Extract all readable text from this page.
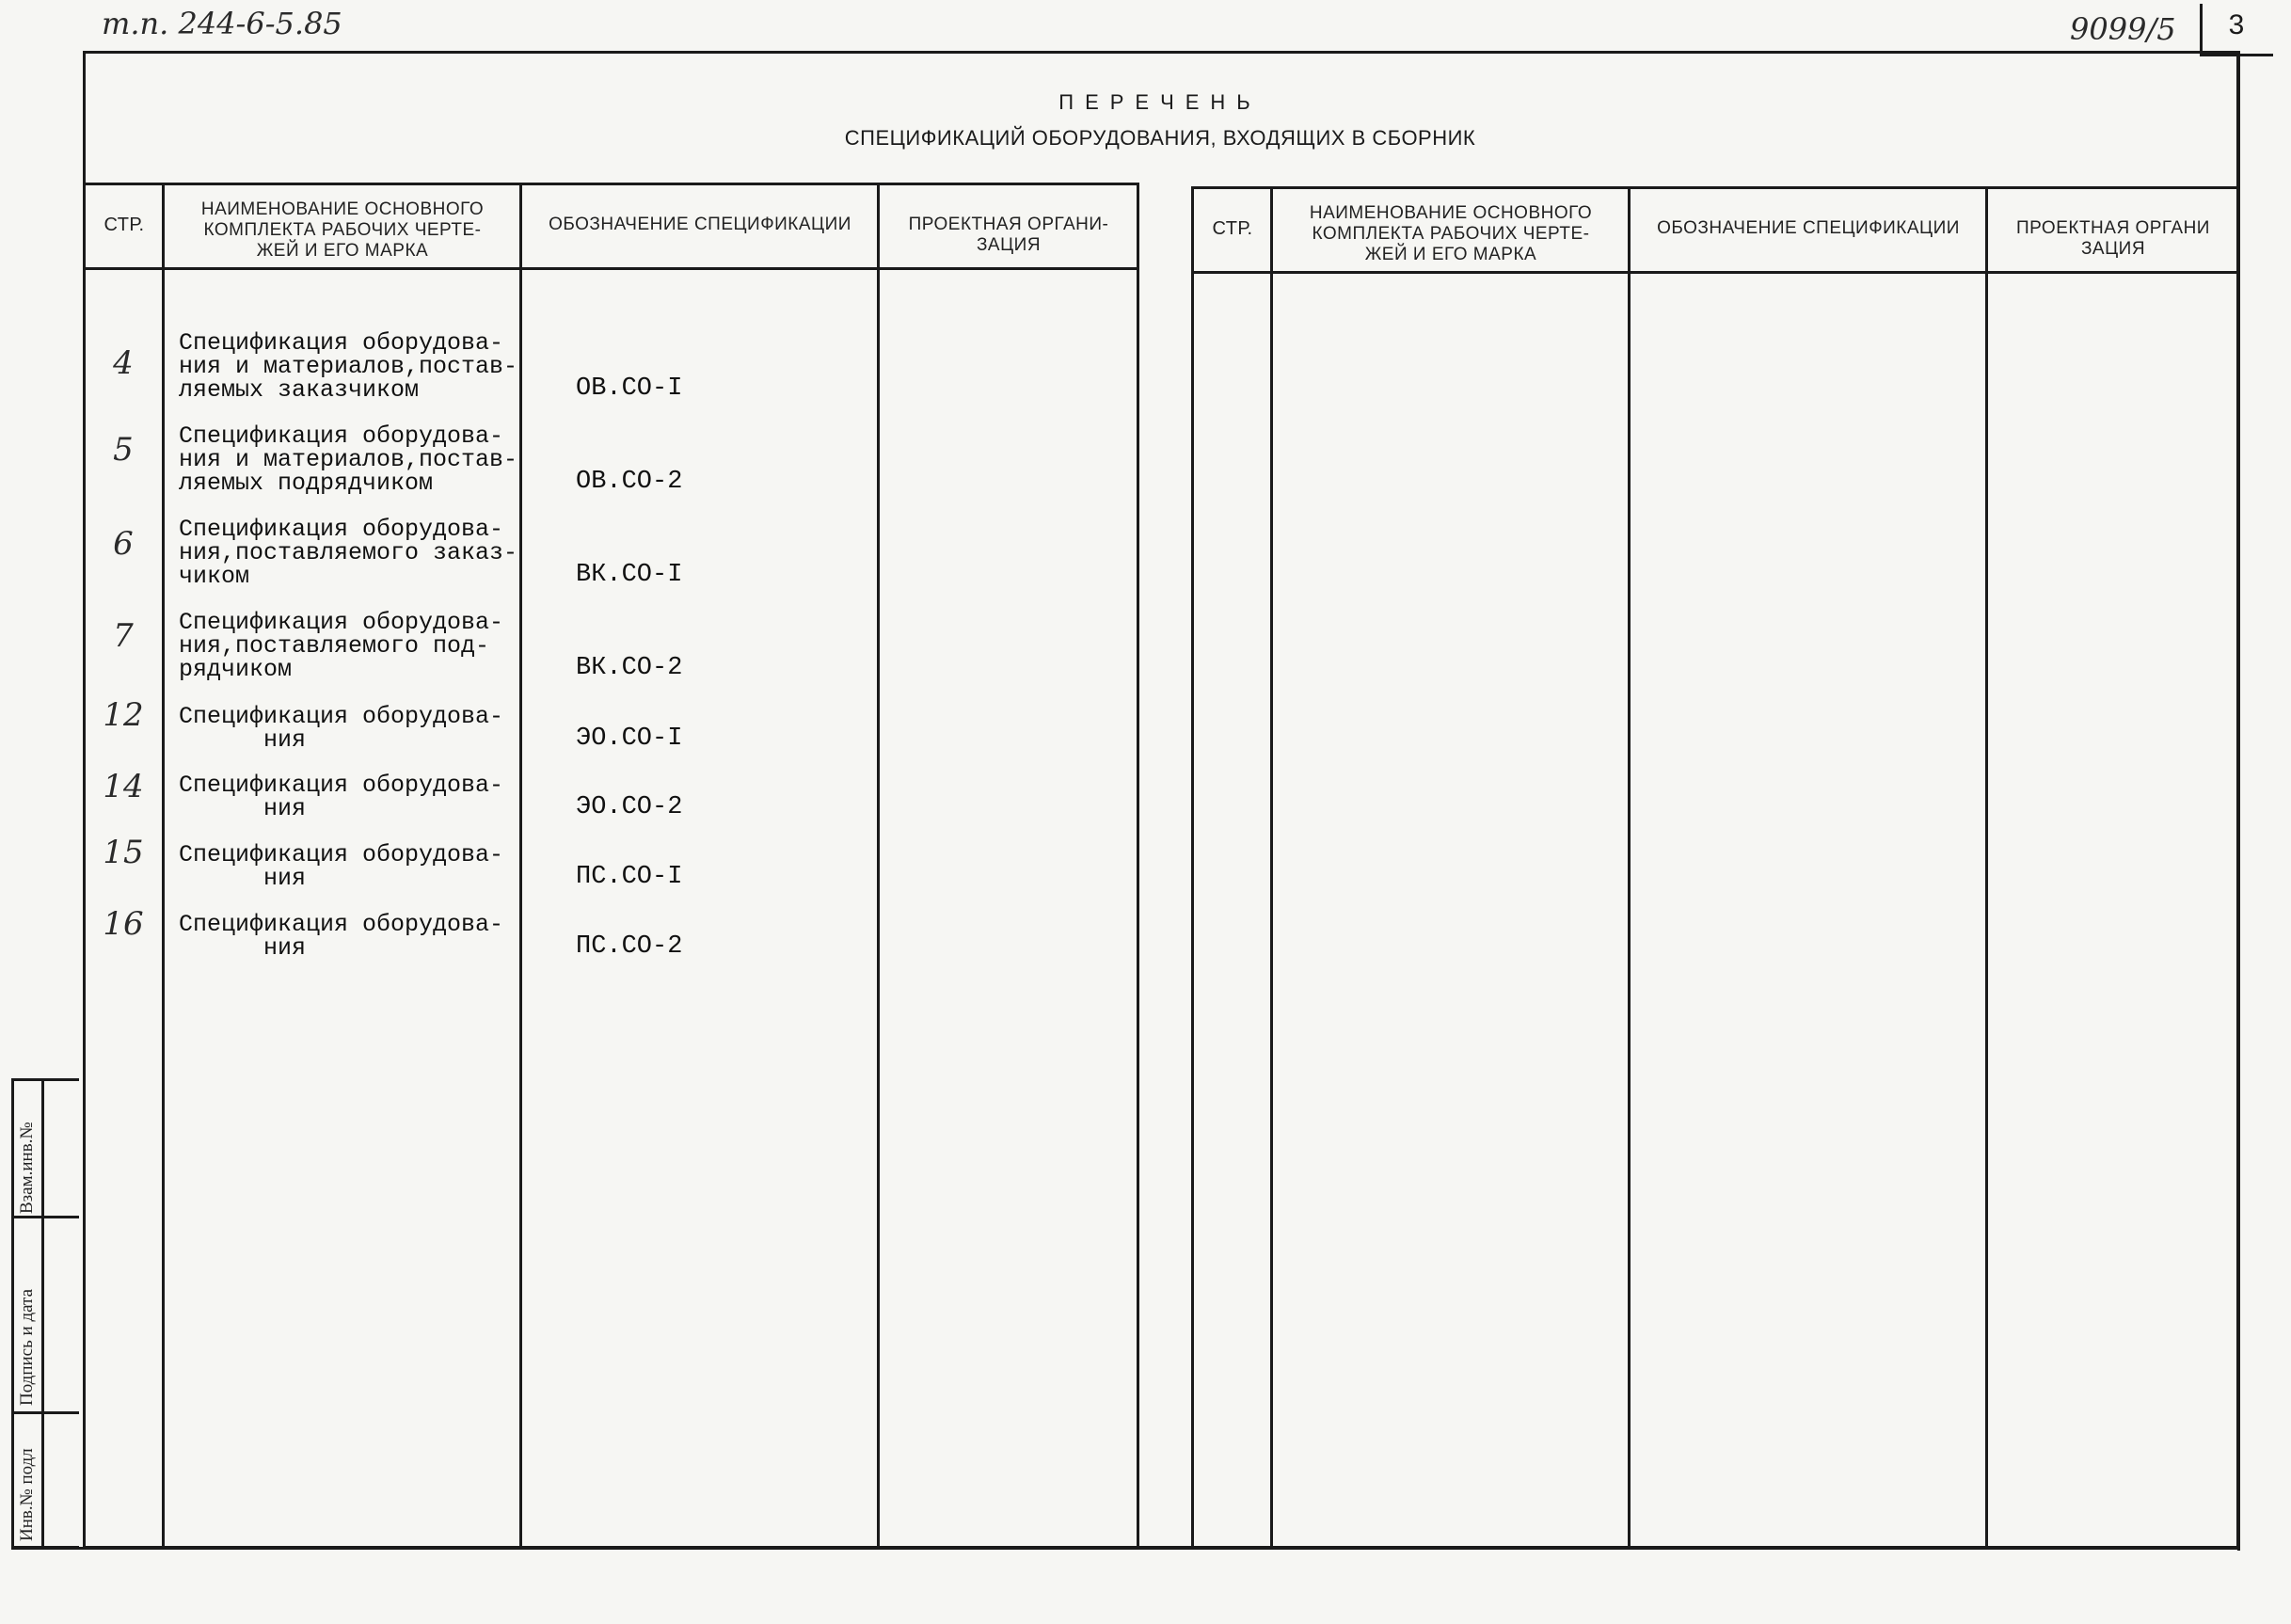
т.п. 244-6-5.85	9099/5	3
ПЕРЕЧЕНЬ
СПЕЦИФИКАЦИЙ ОБОРУДОВАНИЯ, ВХОДЯЩИХ В СБОРНИК
СТР.
НАИМЕНОВАНИЕ ОСНОВНОГО
КОМПЛЕКТА РАБОЧИХ ЧЕРТЕ-
ЖЕЙ И ЕГО МАРКА
ОБОЗНАЧЕНИЕ СПЕЦИФИКАЦИИ	ПРОЕКТНАЯ ОРГАНИ-
ЗАЦИЯ
СТР.
НАИМЕНОВАНИЕ ОСНОВНОГО
КОМПЛЕКТА РАБОЧИХ ЧЕРТЕ-
ЖЕЙ И ЕГО МАРКА
ОБОЗНАЧЕНИЕ СПЕЦИФИКАЦИИ	ПРОЕКТНАЯ ОРГАНИ
ЗАЦИЯ
4
Спецификация оборудова-
ния и материалов,постав-
ляемых заказчиком	ОВ.СО-I
5	Спецификация оборудова-
ния и материалов,постав-
ляемых подрядчиком	ОВ.СО-2
6	Спецификация оборудова-
ния,поставляемого заказ-
чиком	ВК.СО-I
7	Спецификация оборудова-
ния,поставляемого под-
рядчиком	ВК.СО-2
12	Спецификация оборудова-
ния	ЭО.СО-I
14	Спецификация оборудова-
ния	ЭО.СО-2
15	Спецификация оборудова-
ния	ПС.СО-I
16	Спецификация оборудова-
ния	ПС.СО-2
Взам.инв.№
Подпись и дата
Инв.№ подл
